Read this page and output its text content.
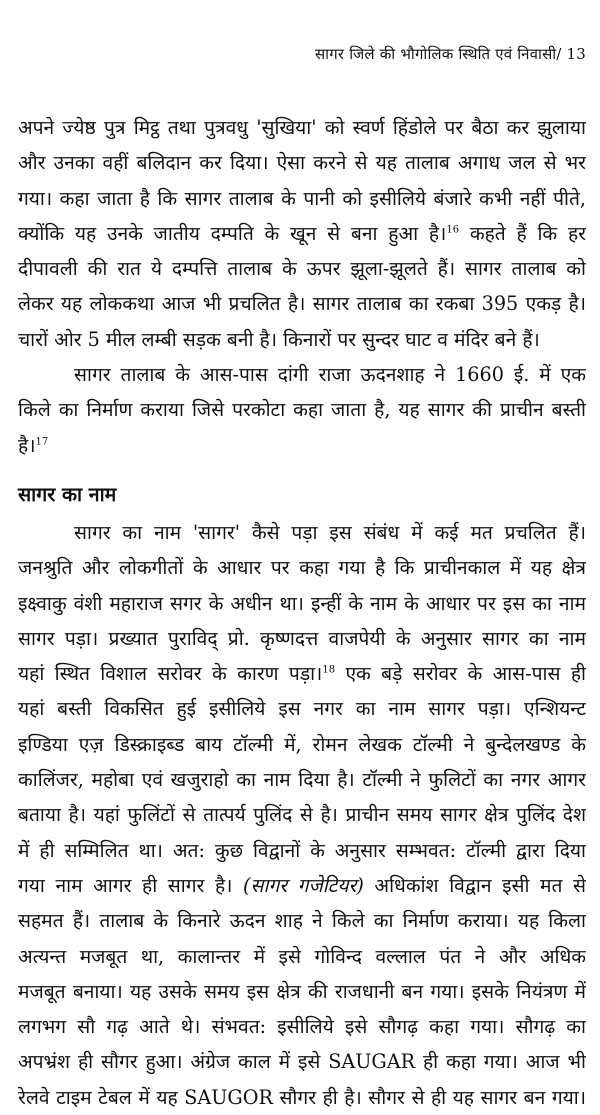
सागर जिले की भौगोलिक स्थिति एवं निवासी/ 13
अपने ज्येष्ठ पुत्र मिट्ठ तथा पुत्रवधु 'सुखिया' को स्वर्ण हिंडोले पर बैठा कर झुलाया
और उनका वहीं बलिदान कर दिया। ऐसा करने से यह तालाब अगाध जल से भर
गया। कहा जाता है कि सागर तालाब के पानी को इसीलिये बंजारे कभी नहीं पीते,
क्योंकि यह उनके जातीय दम्पति के खून से बना हुआ है।$^{16}$ कहते हैं कि हर
दीपावली की रात ये दम्पत्ति तालाब के ऊपर झूला-झूलते हैं। सागर तालाब को
लेकर यह लोककथा आज भी प्रचलित है। सागर तालाब का रकबा 395 एकड़ है।
चारों ओर 5 मील लम्बी सड़क बनी है। किनारों पर सुन्दर घाट व मंदिर बने हैं।
सागर तालाब के आस-पास दांगी राजा ऊदनशाह ने 1660 ई. में एक
किले का निर्माण कराया जिसे परकोटा कहा जाता है, यह सागर की प्राचीन बस्ती
है।$^{17}$
सागर का नाम
सागर का नाम 'सागर' कैसे पड़ा इस संबंध में कई मत प्रचलित हैं।
जनश्रुति और लोकगीतों के आधार पर कहा गया है कि प्राचीनकाल में यह क्षेत्र
इक्ष्वाकु वंशी महाराज सगर के अधीन था। इन्हीं के नाम के आधार पर इस का नाम
सागर पड़ा। प्रख्यात पुराविद् प्रो. कृष्णदत्त वाजपेयी के अनुसार सागर का नाम
यहां स्थित विशाल सरोवर के कारण पड़ा।$^{18}$ एक बड़े सरोवर के आस-पास ही
यहां बस्ती विकसित हुई इसीलिये इस नगर का नाम सागर पड़ा। एन्शियन्ट
इण्डिया एज़ डिस्क्राइब्ड बाय टॉल्मी में, रोमन लेखक टॉल्मी ने बुन्देलखण्ड के
कालिंजर, महोबा एवं खजुराहो का नाम दिया है। टॉल्मी ने फुलिटों का नगर आगर
बताया है। यहां फुलिंटों से तात्पर्य पुलिंद से है। प्राचीन समय सागर क्षेत्र पुलिंद देश
में ही सम्मिलित था। अत: कुछ विद्वानों के अनुसार सम्भवत: टॉल्मी द्वारा दिया
गया नाम आगर ही सागर है। (सागर गजेटियर) अधिकांश विद्वान इसी मत से
सहमत हैं। तालाब के किनारे ऊदन शाह ने किले का निर्माण कराया। यह किला
अत्यन्त मजबूत था, कालान्तर में इसे गोविन्द वल्लाल पंत ने और अधिक
मजबूत बनाया। यह उसके समय इस क्षेत्र की राजधानी बन गया। इसके नियंत्रण में
लगभग सौ गढ़ आते थे। संभवत: इसीलिये इसे सौगढ़ कहा गया। सौगढ़ का
अपभ्रंश ही सौगर हुआ। अंग्रेज काल में इसे SAUGAR ही कहा गया। आज भी
रेलवे टाइम टेबल में यह SAUGOR सौगर ही है। सौगर से ही यह सागर बन गया।
